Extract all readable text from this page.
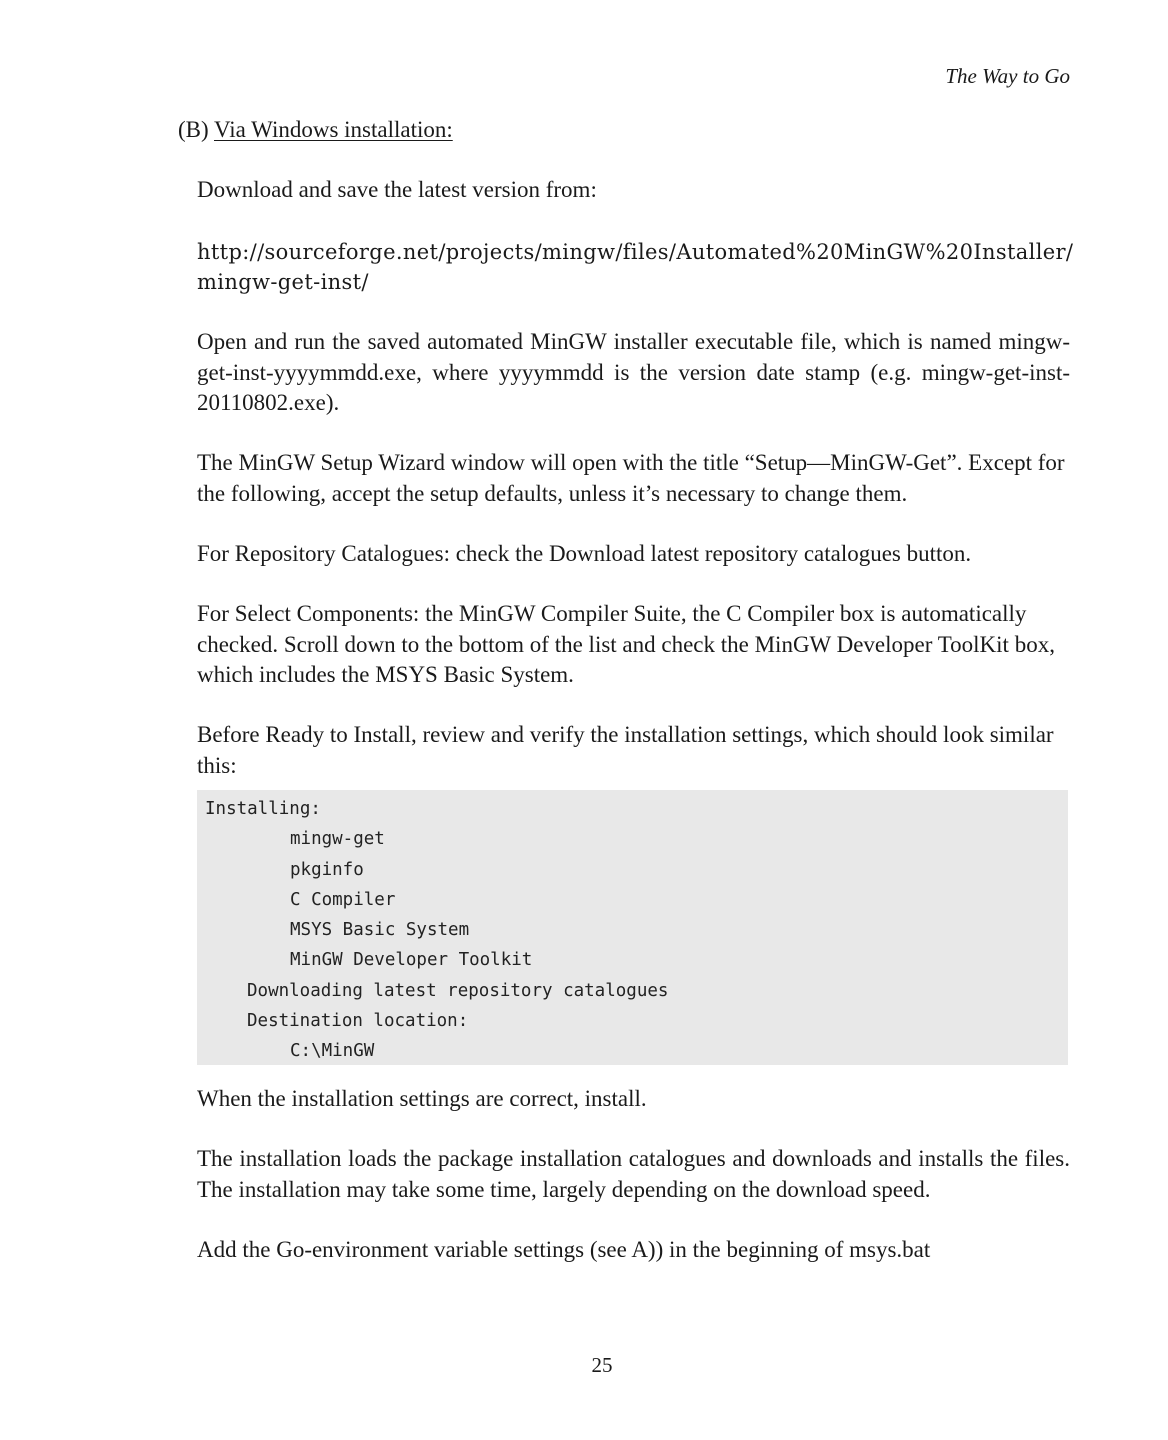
The Way to Go
(B) Via Windows installation:

Download and save the latest version from:

http://sourceforge.net/projects/mingw/files/Automated%20MinGW%20Installer/
mingw-get-inst/

Open and run the saved automated MinGW installer executable file, which is named mingw-get-inst-yyyymmdd.exe, where yyyymmdd is the version date stamp (e.g. mingw-get-inst-20110802.exe).

The MinGW Setup Wizard window will open with the title “Setup—MinGW-Get”. Except for the following, accept the setup defaults, unless it’s necessary to change them.

For Repository Catalogues: check the Download latest repository catalogues button.

For Select Components: the MinGW Compiler Suite, the C Compiler box is automatically checked. Scroll down to the bottom of the list and check the MinGW Developer ToolKit box, which includes the MSYS Basic System.

Before Ready to Install, review and verify the installation settings, which should look similar this:

Installing:
mingw-get
pkginfo
C Compiler
MSYS Basic System
MinGW Developer Toolkit
Downloading latest repository catalogues
Destination location:
C:\MinGW

When the installation settings are correct, install.

The installation loads the package installation catalogues and downloads and installs the files. The installation may take some time, largely depending on the download speed.

Add the Go-environment variable settings (see A)) in the beginning of msys.bat

25
